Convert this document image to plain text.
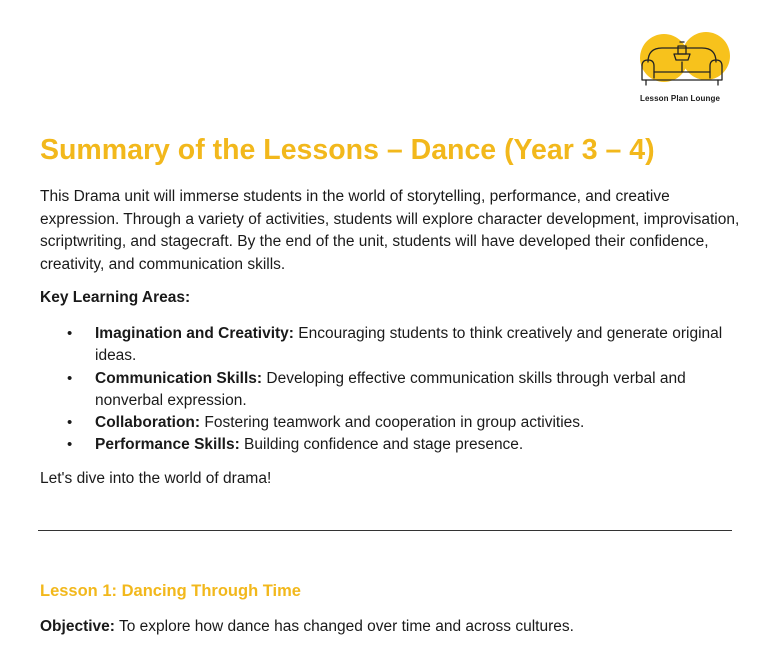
Lesson Plan Lounge
Summary of the Lessons – Dance (Year 3 – 4)

This Drama unit will immerse students in the world of storytelling, performance, and creative expression. Through a variety of activities, students will explore character development, improvisation, scriptwriting, and stagecraft. By the end of the unit, students will have developed their confidence, creativity, and communication skills.

Key Learning Areas:

• Imagination and Creativity: Encouraging students to think creatively and generate original ideas.
• Communication Skills: Developing effective communication skills through verbal and nonverbal expression.
• Collaboration: Fostering teamwork and cooperation in group activities.
• Performance Skills: Building confidence and stage presence.

Let's dive into the world of drama!

Lesson 1: Dancing Through Time

Objective: To explore how dance has changed over time and across cultures.
